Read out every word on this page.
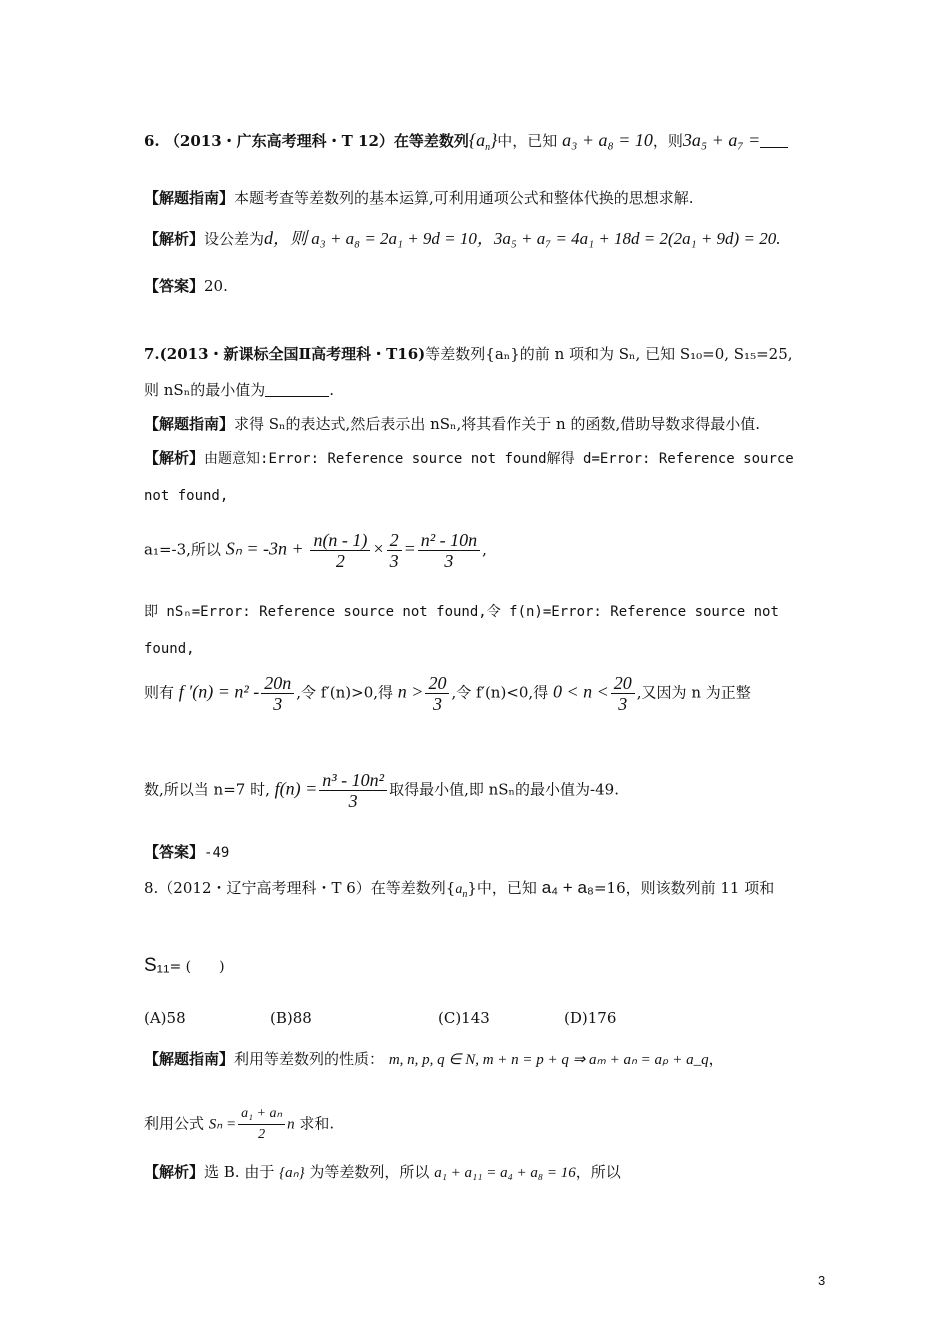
6. （2013・广东高考理科・T 12）在等差数列$\{a_n\}$中，已知 a₃ + a₈ = 10，则3a₅ + a₇ =
【解题指南】本题考查等差数列的基本运算,可利用通项公式和整体代换的思想求解.
【解析】设公差为d，则 a₃ + a₈ = 2a₁ + 9d = 10，3a₅ + a₇ = 4a₁ + 18d = 2(2a₁ + 9d) = 20.
【答案】20.
7.(2013・新课标全国Ⅱ高考理科・T16)等差数列{aₙ}的前 n 项和为 Sₙ, 已知 S₁₀=0, S₁₅=25,
则 nSₙ的最小值为	.
【解题指南】求得 Sₙ的表达式,然后表示出 nSₙ,将其看作关于 n 的函数,借助导数求得最小值.
【解析】由题意知:Error: Reference source not found解得 d=Error: Reference source
not found,
a₁=-3,所以 $S_n = -3n + \frac{n(n - 1)}{2} \times \frac{2}{3} = \frac{\text{n² - 10n}}{3}$ ,
即 nSₙ=Error: Reference source not found,令 f(n)=Error: Reference source not
found,
则有 f $'(n) = n^2 - \frac{20n}{3}$ ,令 f′(n)>0,得 $n > \frac{20}{3}$ ,令 f′(n)<0,得 $0 < n < \frac{20}{3}$ ,又因为 n 为正整
数,所以当 n=7 时, $f(n) = \frac{\text{n³ - 10n²}}{3}$ 取得最小值,即 nSₙ的最小值为-49.
【答案】-49
8.（2012・辽宁高考理科・T 6）在等差数列$\{a_n\}$中，已知 a₄ + a₈=16，则该数列前 11 项和
S₁₁= (　　)
(A)58	(B)88	(C)143	(D)176
【解题指南】利用等差数列的性质： m, n, p, q ∈ N, m + n = p + q ⇒ aₘ + aₙ = aₚ + a_q，
利用公式 $S_n = \frac{\text{a₁ + aₙ}}{2}$ n 求和.
【解析】选 B. 由于 {aₙ} 为等差数列，所以 a₁ + a₁₁ = a₄ + a₈ = 16，所以
3
